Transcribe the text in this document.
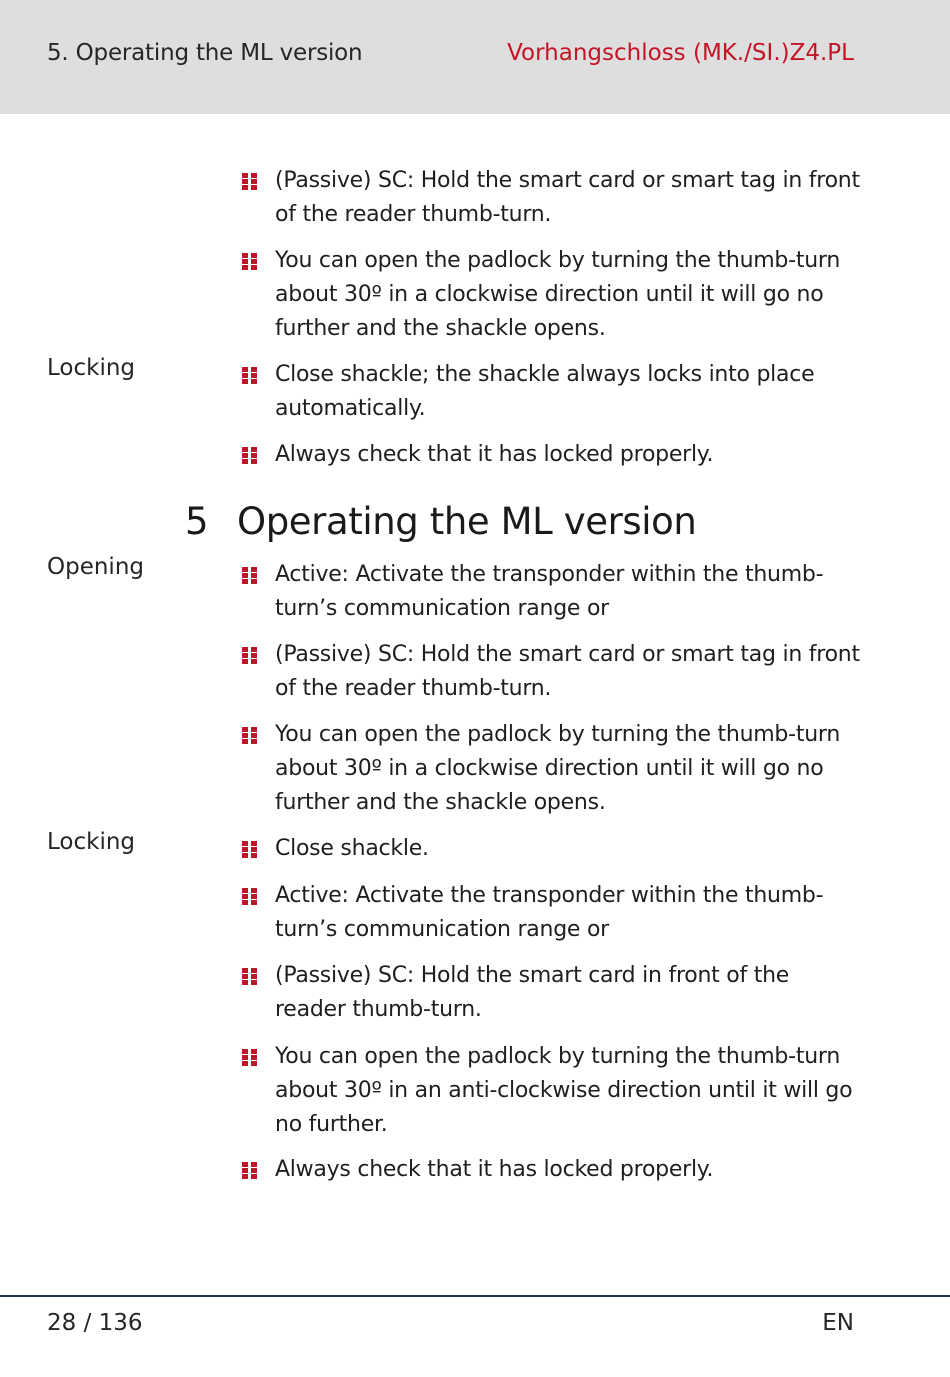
5. Operating the ML version	Vorhangschloss (MK./SI.)Z4.PL
Locking
Opening
Locking
5 Operating the ML version
(Passive) SC: Hold the smart card or smart tag in front of the reader thumb-turn.
You can open the padlock by turning the thumb-turn about 30º in a clockwise direction until it will go no further and the shackle opens.
Close shackle; the shackle always locks into place automatically.
Always check that it has locked properly.
Active: Activate the transponder within the thumb-turn’s communication range or
(Passive) SC: Hold the smart card or smart tag in front of the reader thumb-turn.
You can open the padlock by turning the thumb-turn about 30º in a clockwise direction until it will go no further and the shackle opens.
Close shackle.
Active: Activate the transponder within the thumb-turn’s communication range or
(Passive) SC: Hold the smart card in front of the reader thumb-turn.
You can open the padlock by turning the thumb-turn about 30º in an anti-clockwise direction until it will go no further.
Always check that it has locked properly.
28 / 136	EN
